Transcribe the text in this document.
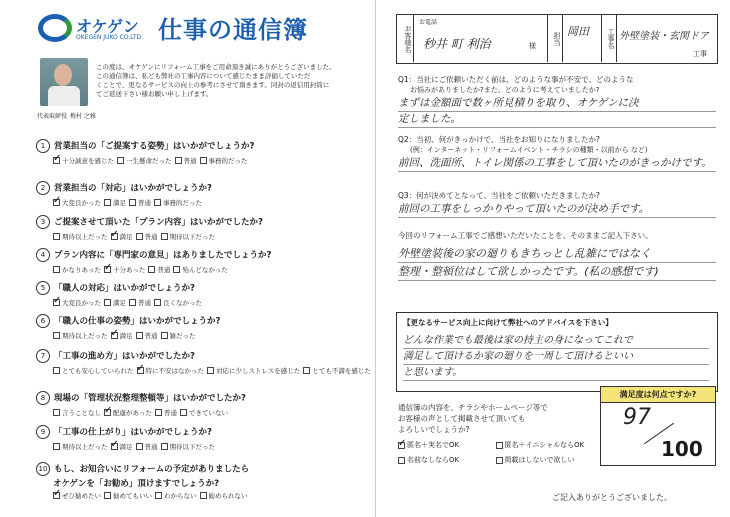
オケゲン
OKEGEN JUKO CO.LTD. 仕事の通信簿
代表取締役 梅村 之雅
この度は、オケゲンにリフォーム工事をご用命頂き誠にありがとうございました。
この通信簿は、私ども弊社の工事内容について感じたまま評価していただ
くことで、更なるサービスの向上の参考にさせて頂きます。同封の返信用封筒に
てご返送下さい様お願い申し上げます。
1 営業担当の「ご提案する姿勢」はいかがでしょうか?
✓
十分誠意を感じた 一生懸命だった 普通 事務的だった
2 営業担当の「対応」はいかがでしょうか?
✓
大変良かった 満足 普通 事務的だった
3 ご提案させて頂いた「プラン内容」はいかがでしたか?
期待以上だった ✓ 満足 普通 期待以下だった
4 プラン内容に「専門家の意見」はありましたでしょうか?
かなりあった ✓ 十分あった 普通 殆んどなかった
5 「職人の対応」はいかがでしょうか?
✓
大変良かった 満足 普通 良くなかった
6 「職人の仕事の姿勢」はいかがでしょうか?
期待以上だった ✓ 満足 普通 雑だった
7 「工事の進め方」はいかがでしたか?
とても安心していられた ✓ 特に不安はなかった 対応に少しストレスを感じた とても不満を感じた
8 現場の「管理状況整理整頓等」はいかがでしたか?
言うことなし ✓ 配慮があった 普通 できていない
9 「工事の仕上がり」はいかがでしょうか?
期待以上だった ✓ 満足 普通 期待以下だった
10 もし、お知合いにリフォームの予定がありましたら
オケゲンを「お勧め」頂けますでしょうか?
✓
ぜひ勧めたい 勧めてもいい わからない 勧められない
お客様名
お電話
秒井 町 利治	様
担当 岡田	工事名 外壁塗装・玄関ドア
工事
Q1：当社にご依頼いただく前は、どのような事が不安で、どのような
お悩みがありましたか?また、どのように考えていましたか?
まずは金額面で数ヶ所見積りを取り、オケゲンに決
定しました。
Q2：当初、何がきっかけで、当社をお知りになりましたか?
(例：インターネット・リフォームイベント・チラシの種類・以前から など)
前回、洗面所、トイレ関係の工事をして頂いたのがきっかけです。
Q3：何が決めてとなって、当社をご依頼いただきましたか?
前回の工事をしっかりやって頂いたのが決め手です。
今回のリフォーム工事でご感想いただいたことを、そのままご記入下さい。
外壁塗装後の家の廻りもきちっとし乱雑にではなく
整理・整頓位はして欲しかったです。(私の感想です)
【更なるサービス向上に向けて弊社へのアドバイスを下さい】
どんな作業でも最後は家の持主の身になってこれで
満足して頂けるか家の廻りを一周して頂けるといい
と思います。
通信簿の内容を、チラシやホームページ等で
お客様の声として掲載させて頂いても
よろしいでしょうか?
✓
匿名＋実名でOK	匿名＋イニシャルならOK
名前なしならOK	掲載はしないで欲しい
満足度は何点ですか?
97
100
ご記入ありがとうございました。
